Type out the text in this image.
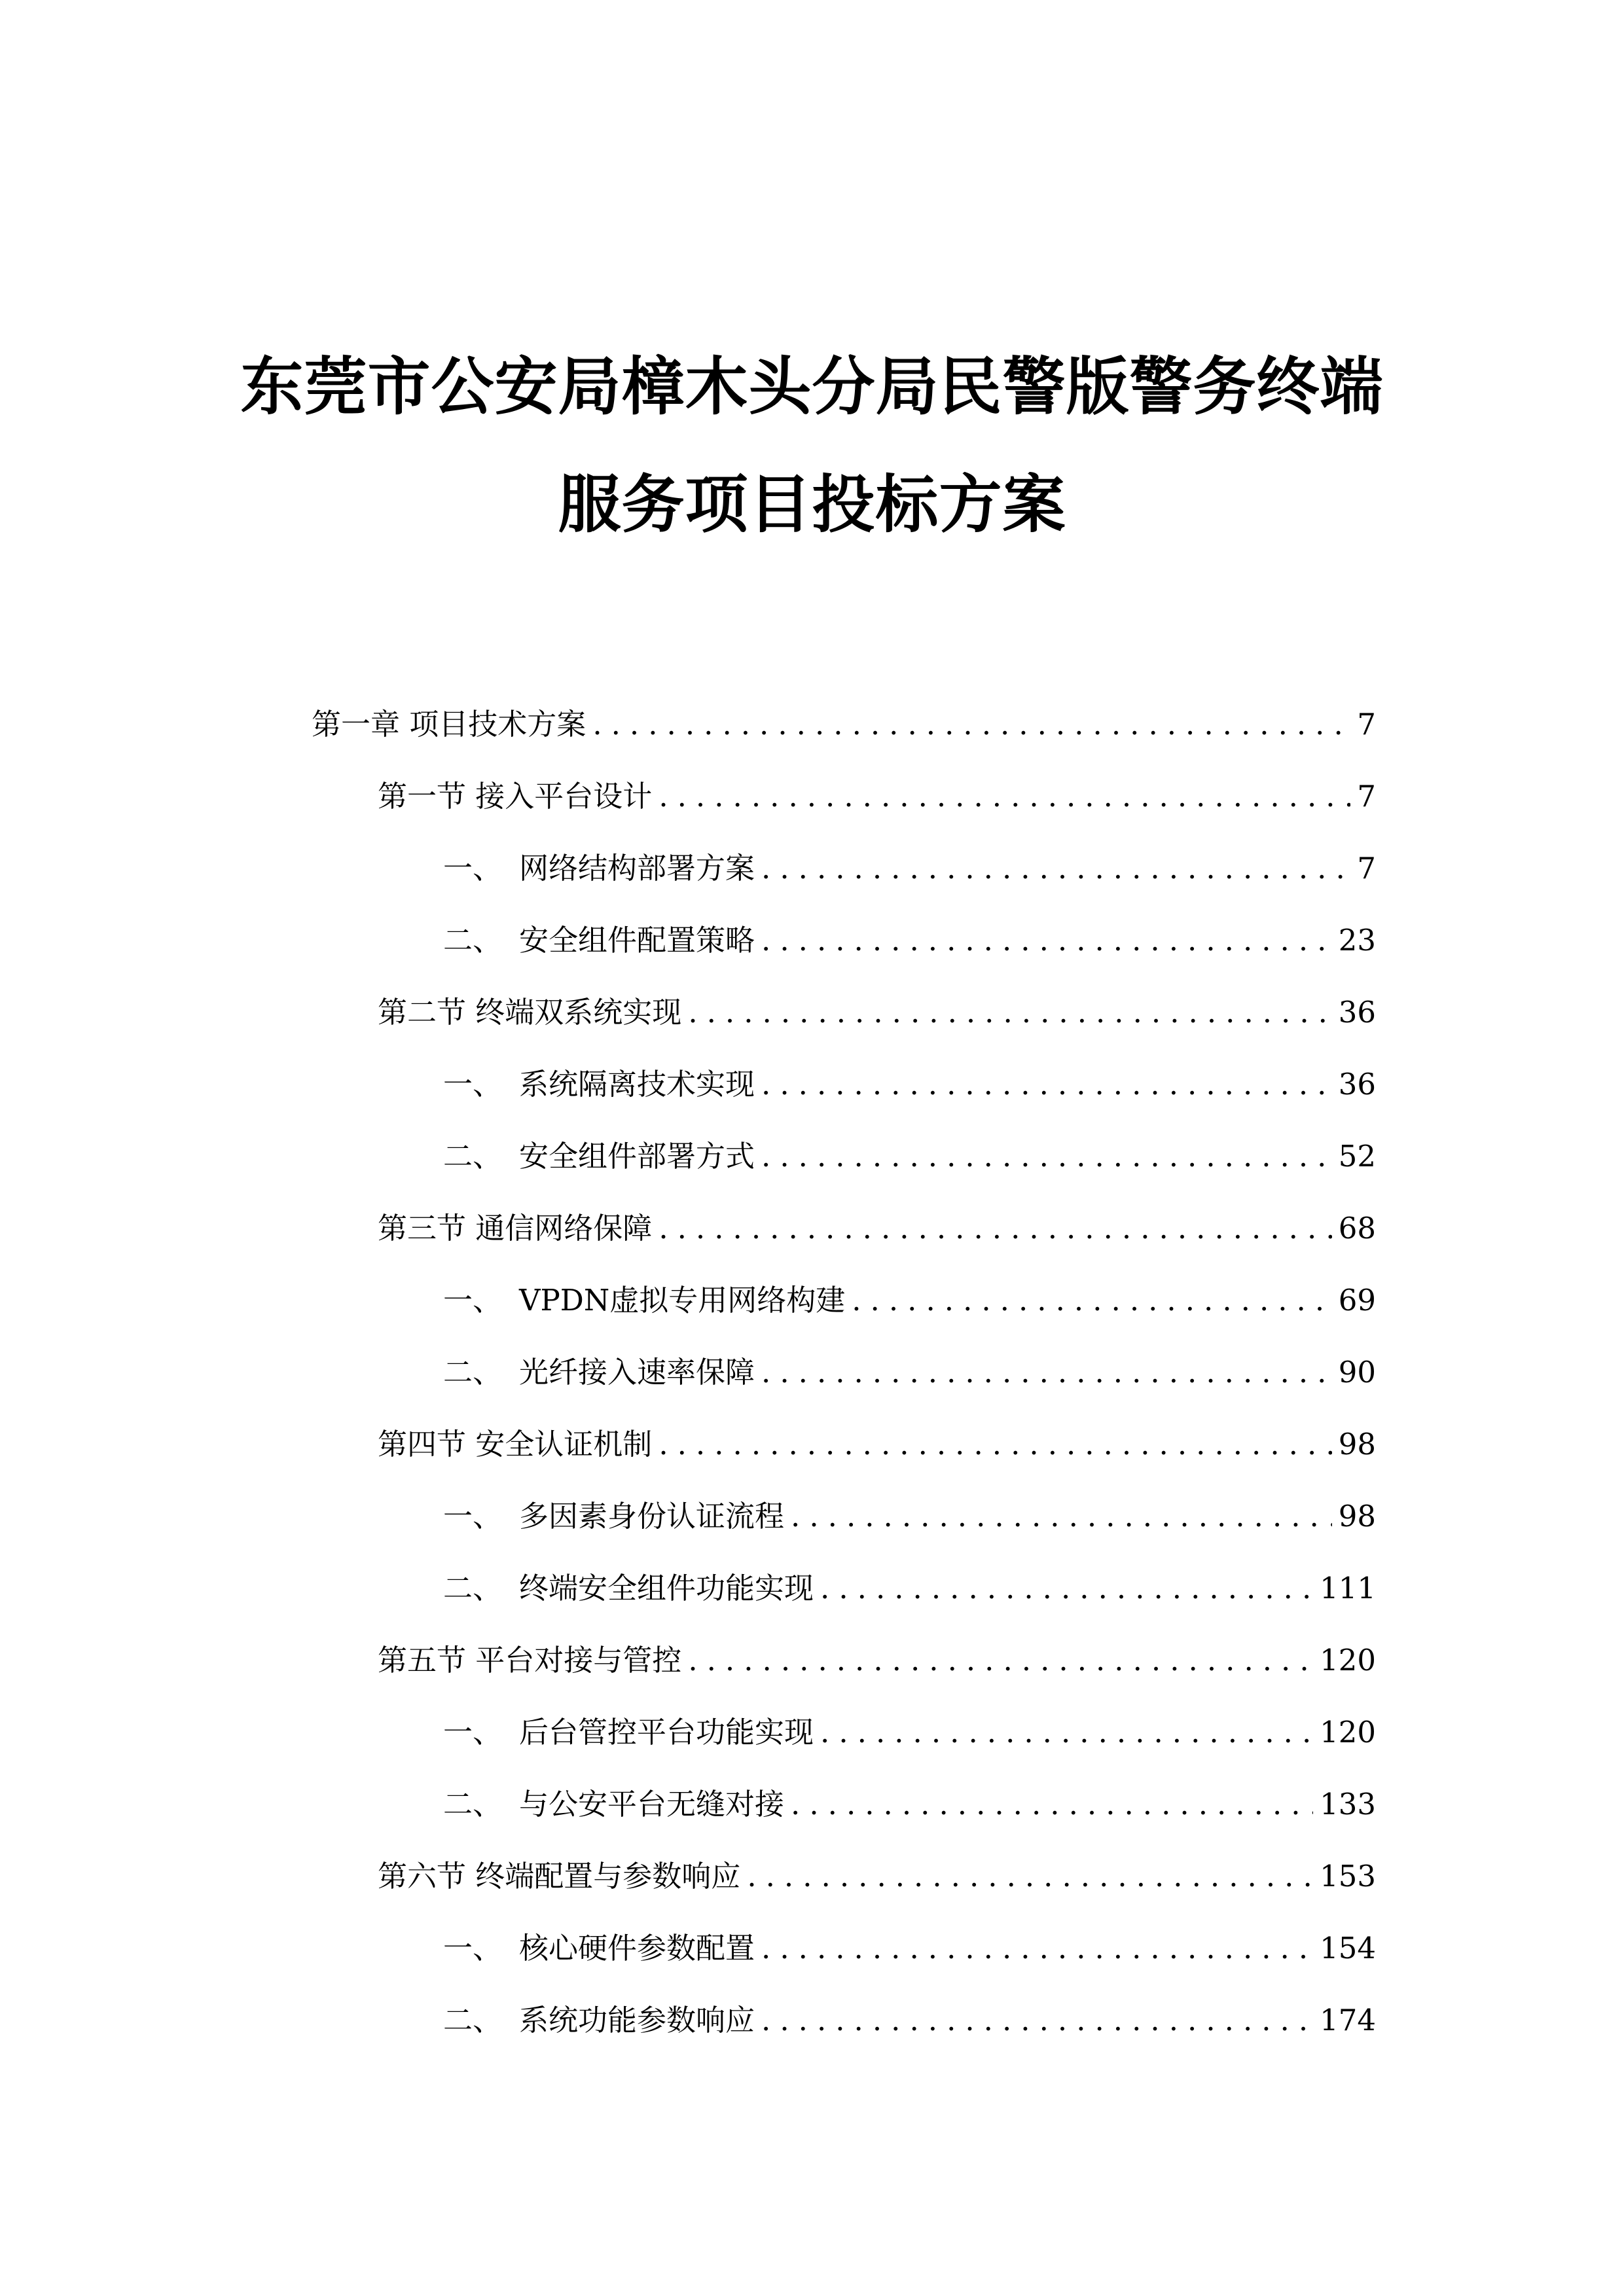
东莞市公安局樟木头分局民警版警务终端
服务项目投标方案
第一章 项目技术方案 .....	7
第一节 接入平台设计 .....	7
一、 网络结构部署方案 .....	7
二、 安全组件配置策略 .....	23
第二节 终端双系统实现 .....	36
一、 系统隔离技术实现 .....	36
二、 安全组件部署方式 .....	52
第三节 通信网络保障 .....	68
一、 VPDN虚拟专用网络构建 .....	69
二、 光纤接入速率保障 .....	90
第四节 安全认证机制 .....	98
一、 多因素身份认证流程 .....	98
二、 终端安全组件功能实现 .....	111
第五节 平台对接与管控 .....	120
一、 后台管控平台功能实现 .....	120
二、 与公安平台无缝对接 .....	133
第六节 终端配置与参数响应 .....	153
一、 核心硬件参数配置 .....	154
二、 系统功能参数响应 .....	174
